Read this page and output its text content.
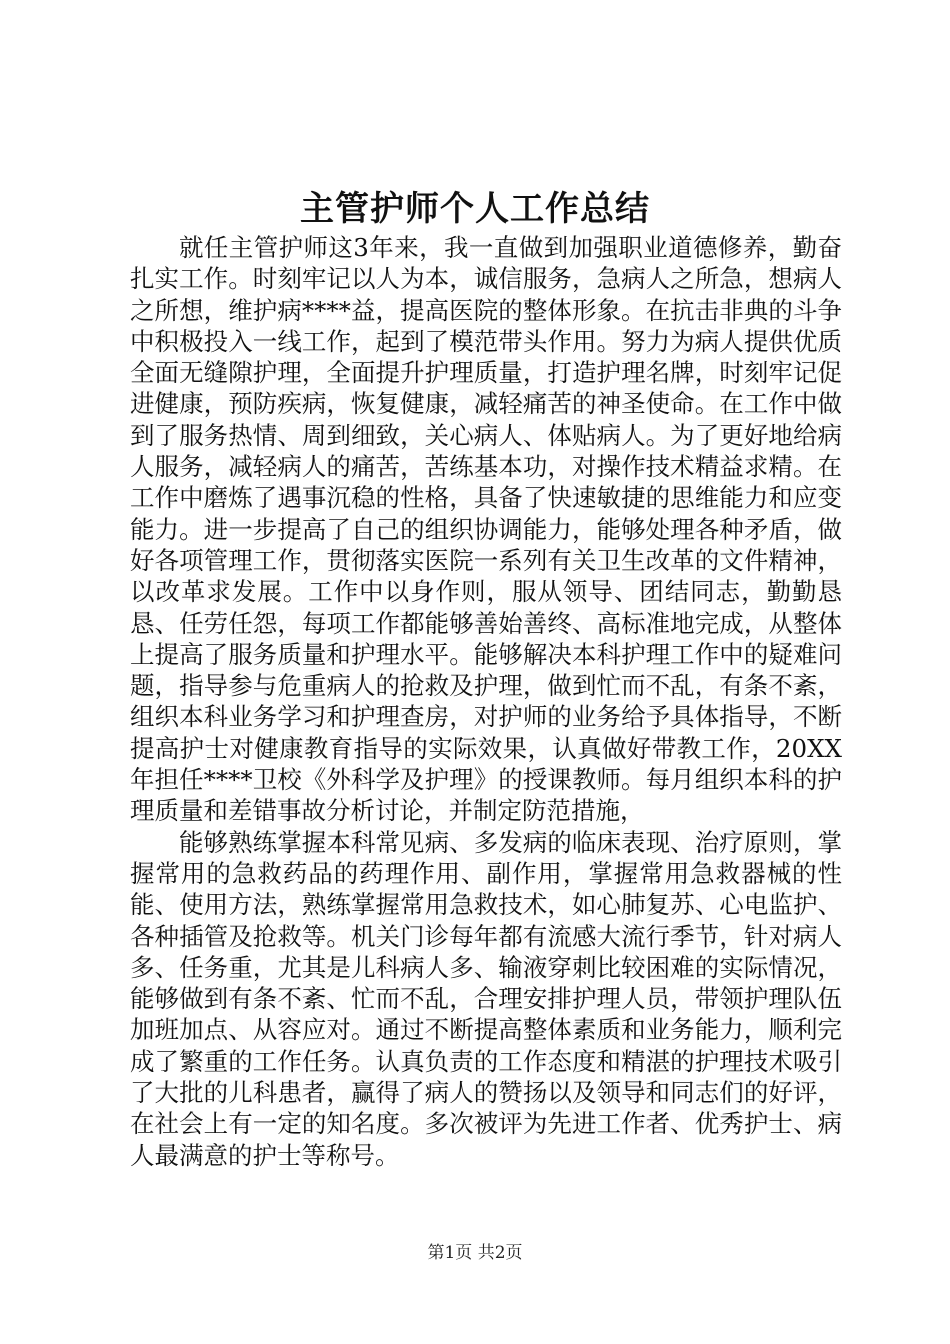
主管护师个人工作总结

就任主管护师这3年来，我一直做到加强职业道德修养，勤奋扎实工作。时刻牢记以人为本，诚信服务，急病人之所急，想病人之所想，维护病****益，提高医院的整体形象。在抗击非典的斗争中积极投入一线工作，起到了模范带头作用。努力为病人提供优质全面无缝隙护理，全面提升护理质量，打造护理名牌，时刻牢记促进健康，预防疾病，恢复健康，减轻痛苦的神圣使命。在工作中做到了服务热情、周到细致，关心病人、体贴病人。为了更好地给病人服务，减轻病人的痛苦，苦练基本功，对操作技术精益求精。在工作中磨炼了遇事沉稳的性格，具备了快速敏捷的思维能力和应变能力。进一步提高了自己的组织协调能力，能够处理各种矛盾，做好各项管理工作，贯彻落实医院一系列有关卫生改革的文件精神，以改革求发展。工作中以身作则，服从领导、团结同志，勤勤恳恳、任劳任怨，每项工作都能够善始善终、高标准地完成，从整体上提高了服务质量和护理水平。能够解决本科护理工作中的疑难问题，指导参与危重病人的抢救及护理，做到忙而不乱，有条不紊，组织本科业务学习和护理查房，对护师的业务给予具体指导，不断提高护士对健康教育指导的实际效果，认真做好带教工作，20XX年担任****卫校《外科学及护理》的授课教师。每月组织本科的护理质量和差错事故分析讨论，并制定防范措施，

能够熟练掌握本科常见病、多发病的临床表现、治疗原则，掌握常用的急救药品的药理作用、副作用，掌握常用急救器械的性能、使用方法，熟练掌握常用急救技术，如心肺复苏、心电监护、各种插管及抢救等。机关门诊每年都有流感大流行季节，针对病人多、任务重，尤其是儿科病人多、输液穿刺比较困难的实际情况，能够做到有条不紊、忙而不乱，合理安排护理人员，带领护理队伍加班加点、从容应对。通过不断提高整体素质和业务能力，顺利完成了繁重的工作任务。认真负责的工作态度和精湛的护理技术吸引了大批的儿科患者，赢得了病人的赞扬以及领导和同志们的好评，在社会上有一定的知名度。多次被评为先进工作者、优秀护士、病人最满意的护士等称号。

第1页 共2页
